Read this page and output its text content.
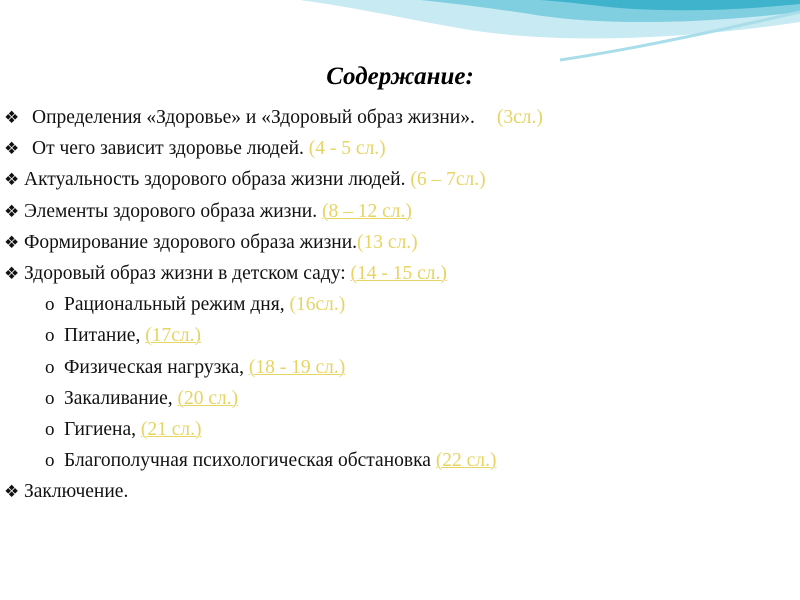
Содержание:
❖ Определения «Здоровье» и «Здоровый образ жизни». (3сл.)
❖ От чего зависит здоровье людей. (4 - 5 сл.)
❖ Актуальность здорового образа жизни людей. (6 – 7сл.)
❖ Элементы здорового образа жизни. (8 – 12 сл.)
❖ Формирование здорового образа жизни.(13 сл.)
❖ Здоровый образ жизни в детском саду: (14 - 15 сл.)
o Рациональный режим дня, (16сл.)
o Питание, (17сл.)
o Физическая нагрузка, (18 - 19 сл.)
o Закаливание, (20 сл.)
o Гигиена, (21 сл.)
o Благополучная психологическая обстановка (22 сл.)
❖ Заключение.
